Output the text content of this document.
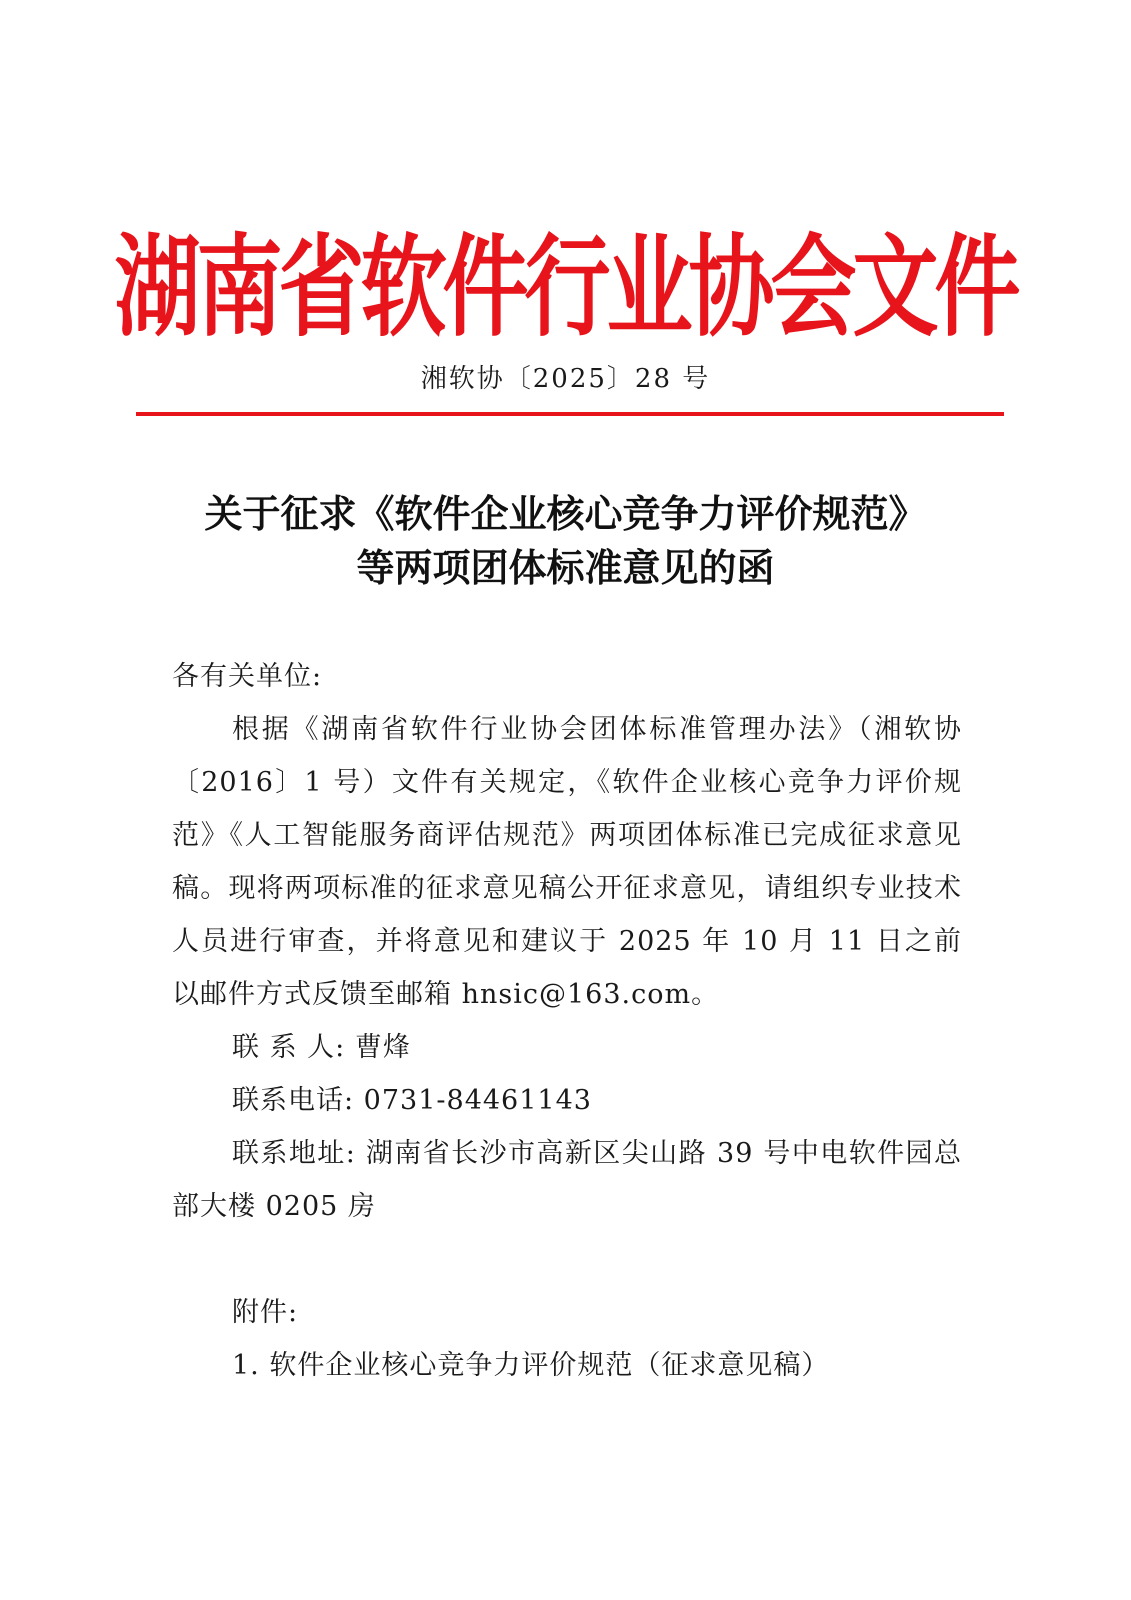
湖南省软件行业协会文件
湘软协〔2025〕28 号
关于征求《软件企业核心竞争力评价规范》
等两项团体标准意见的函

各有关单位:

根据《湖南省软件行业协会团体标准管理办法》（湘软协〔2016〕1 号）文件有关规定，《软件企业核心竞争力评价规范》《人工智能服务商评估规范》两项团体标准已完成征求意见稿。现将两项标准的征求意见稿公开征求意见，请组织专业技术人员进行审查，并将意见和建议于 2025 年 10 月 11 日之前以邮件方式反馈至邮箱 hnsic@163.com。

联 系 人: 曹烽

联系电话: 0731-84461143

联系地址: 湖南省长沙市高新区尖山路 39 号中电软件园总部大楼 0205 房

附件:

1. 软件企业核心竞争力评价规范（征求意见稿）
